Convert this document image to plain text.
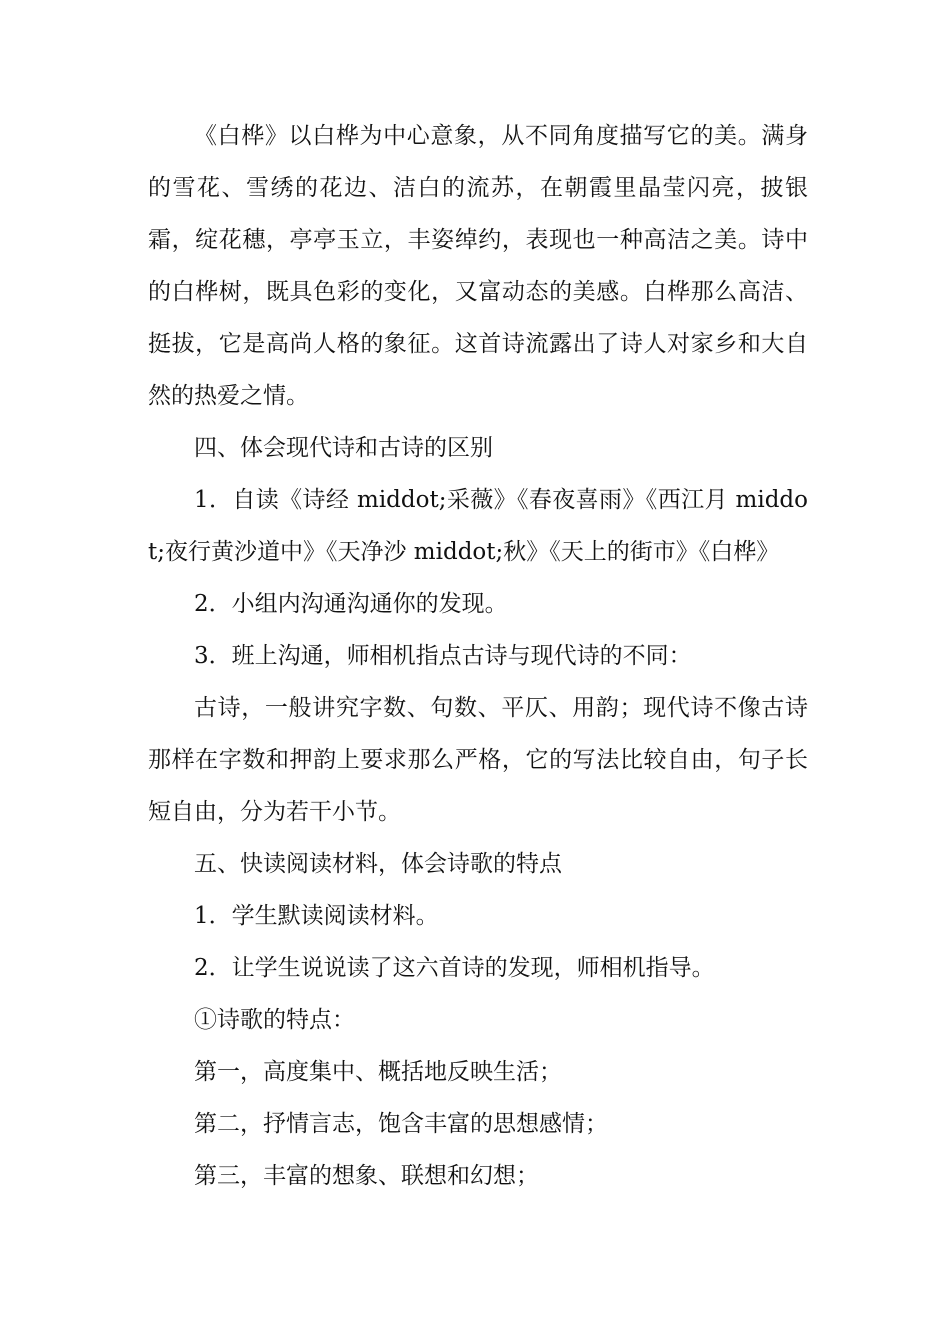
《白桦》以白桦为中心意象，从不同角度描写它的美。满身的雪花、雪绣的花边、洁白的流苏，在朝霞里晶莹闪亮，披银霜，绽花穗，亭亭玉立，丰姿绰约，表现也一种高洁之美。诗中的白桦树，既具色彩的变化，又富动态的美感。白桦那么高洁、挺拔，它是高尚人格的象征。这首诗流露出了诗人对家乡和大自然的热爱之情。

四、体会现代诗和古诗的区别

1．自读《诗经 middot;采薇》《春夜喜雨》《西江月 middot;夜行黄沙道中》《天净沙 middot;秋》《天上的街市》《白桦》

2．小组内沟通沟通你的发现。

3．班上沟通，师相机指点古诗与现代诗的不同：

古诗，一般讲究字数、句数、平仄、用韵；现代诗不像古诗那样在字数和押韵上要求那么严格，它的写法比较自由，句子长短自由，分为若干小节。

五、快读阅读材料，体会诗歌的特点

1．学生默读阅读材料。

2．让学生说说读了这六首诗的发现，师相机指导。

①诗歌的特点：

第一，高度集中、概括地反映生活；

第二，抒情言志，饱含丰富的思想感情；

第三，丰富的想象、联想和幻想；
